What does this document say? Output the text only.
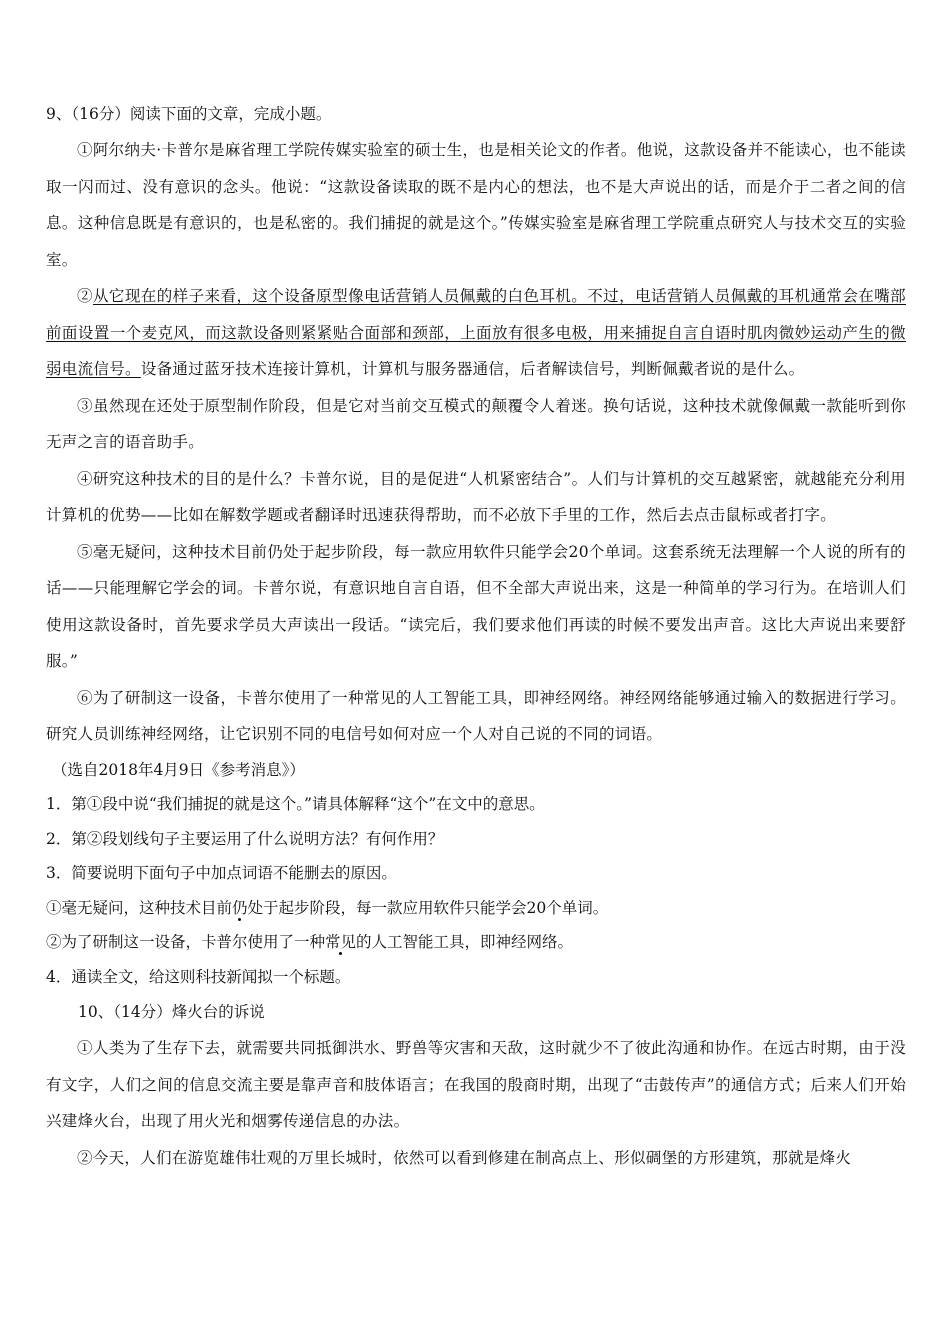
9、（16分）阅读下面的文章，完成小题。

①阿尔纳夫·卡普尔是麻省理工学院传媒实验室的硕士生，也是相关论文的作者。他说，这款设备并不能读心，也不能读取一闪而过、没有意识的念头。他说：“这款设备读取的既不是内心的想法，也不是大声说出的话，而是介于二者之间的信息。这种信息既是有意识的，也是私密的。我们捕捉的就是这个。”传媒实验室是麻省理工学院重点研究人与技术交互的实验室。

②从它现在的样子来看，这个设备原型像电话营销人员佩戴的白色耳机。不过，电话营销人员佩戴的耳机通常会在嘴部前面设置一个麦克风，而这款设备则紧紧贴合面部和颈部，上面放有很多电极，用来捕捉自言自语时肌肉微妙运动产生的微弱电流信号。设备通过蓝牙技术连接计算机，计算机与服务器通信，后者解读信号，判断佩戴者说的是什么。

③虽然现在还处于原型制作阶段，但是它对当前交互模式的颠覆令人着迷。换句话说，这种技术就像佩戴一款能听到你无声之言的语音助手。

④研究这种技术的目的是什么？卡普尔说，目的是促进“人机紧密结合”。人们与计算机的交互越紧密，就越能充分利用计算机的优势——比如在解数学题或者翻译时迅速获得帮助，而不必放下手里的工作，然后去点击鼠标或者打字。

⑤毫无疑问，这种技术目前仍处于起步阶段，每一款应用软件只能学会20个单词。这套系统无法理解一个人说的所有的话——只能理解它学会的词。卡普尔说，有意识地自言自语，但不全部大声说出来，这是一种简单的学习行为。在培训人们使用这款设备时，首先要求学员大声读出一段话。“读完后，我们要求他们再读的时候不要发出声音。这比大声说出来要舒服。”

⑥为了研制这一设备，卡普尔使用了一种常见的人工智能工具，即神经网络。神经网络能够通过输入的数据进行学习。研究人员训练神经网络，让它识别不同的电信号如何对应一个人对自己说的不同的词语。

（选自2018年4月9日《参考消息》）

1．第①段中说“我们捕捉的就是这个。”请具体解释“这个”在文中的意思。

2．第②段划线句子主要运用了什么说明方法？有何作用？

3．简要说明下面句子中加点词语不能删去的原因。

①毫无疑问，这种技术目前仍处于起步阶段，每一款应用软件只能学会20个单词。

②为了研制这一设备，卡普尔使用了一种常见的人工智能工具，即神经网络。

4．通读全文，给这则科技新闻拟一个标题。

10、（14分）烽火台的诉说

①人类为了生存下去，就需要共同抵御洪水、野兽等灾害和天敌，这时就少不了彼此沟通和协作。在远古时期，由于没有文字，人们之间的信息交流主要是靠声音和肢体语言；在我国的殷商时期，出现了“击鼓传声”的通信方式；后来人们开始兴建烽火台，出现了用火光和烟雾传递信息的办法。

②今天，人们在游览雄伟壮观的万里长城时，依然可以看到修建在制高点上、形似碉堡的方形建筑，那就是烽火
